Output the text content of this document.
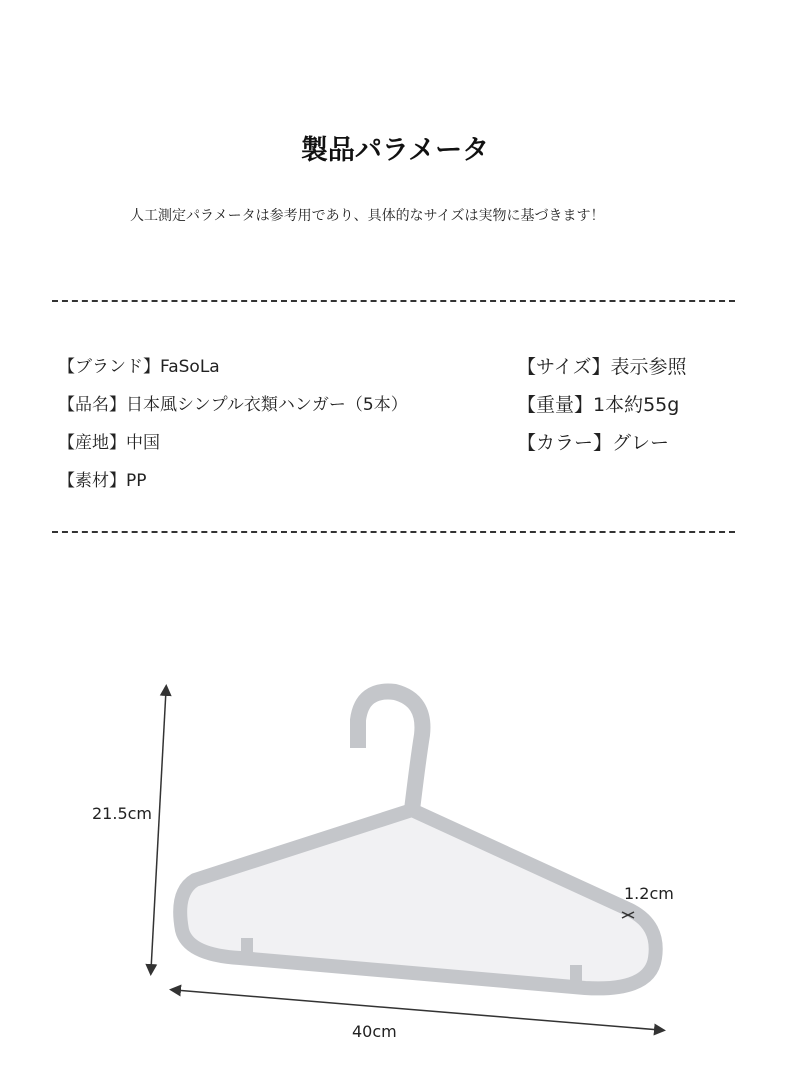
製品パラメータ
人工測定パラメータは参考用であり、具体的なサイズは実物に基づきます！
【ブランド】FaSoLa
【品名】日本風シンプル衣類ハンガー（5本）
【産地】中国
【素材】PP
【サイズ】表示参照
【重量】1本約55g
【カラー】グレー
21.5cm
40cm
1.2cm
